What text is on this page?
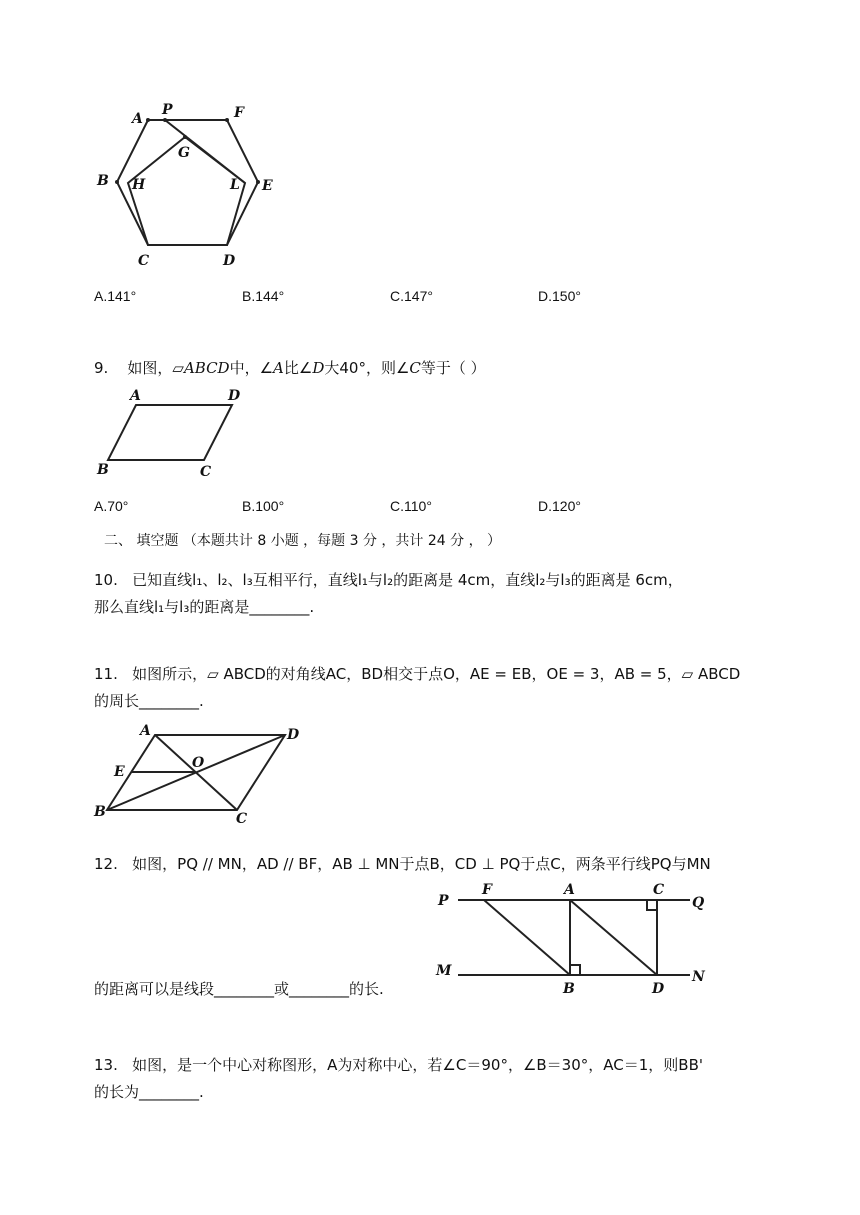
A
P	F
G
B H	L E
C	D
A.141°	B.144°	C.147°	D.150°
9. 如图，▱ABCD中，∠A比∠D大40°，则∠C等于（ ）
A	D
B	C
A.70°	B.100°	C.110°	D.120°
二、 填空题 （本题共计 8 小题 ，每题 3 分 ，共计 24 分 ， ）
10. 已知直线l₁、l₂、l₃互相平行，直线l₁与l₂的距离是 4cm，直线l₂与l₃的距离是 6cm，
那么直线l₁与l₃的距离是________.
11. 如图所示，▱ ABCD的对角线AC，BD相交于点O，AE = EB，OE = 3，AB = 5，▱ ABCD
的周长________.
A	D
E
O
B	C
12. 如图，PQ // MN，AD // BF，AB ⊥ MN于点B，CD ⊥ PQ于点C，两条平行线PQ与MN
的距离可以是线段________或________的长.
P
F	A	C
Q
M
B	D
N
13. 如图，是一个中心对称图形，A为对称中心，若∠C＝90°，∠B＝30°，AC＝1，则BB'
的长为________.
